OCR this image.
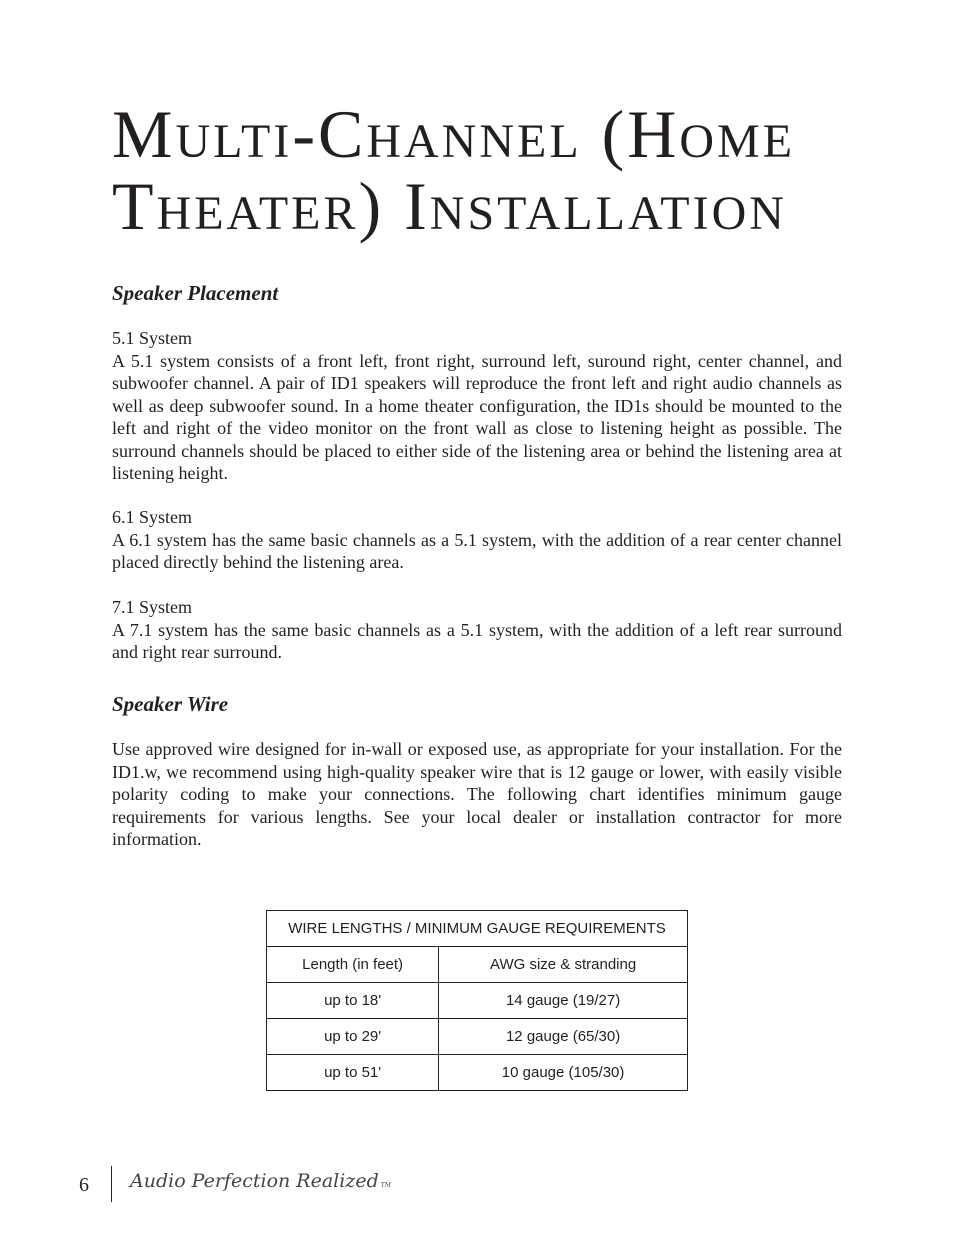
Multi-Channel (Home
Theater) Installation
Speaker Placement

5.1 System
A 5.1 system consists of a front left, front right, surround left, suround right, center channel, and subwoofer channel. A pair of ID1 speakers will reproduce the front left and right audio channels as well as deep subwoofer sound. In a home theater configuration, the ID1s should be mounted to the left and right of the video monitor on the front wall as close to listening height as possible. The surround channels should be placed to either side of the listening area or behind the listening area at listening height.

6.1 System
A 6.1 system has the same basic channels as a 5.1 system, with the addition of a rear center channel placed directly behind the listening area.

7.1 System
A 7.1 system has the same basic channels as a 5.1 system, with the addition of a left rear surround and right rear surround.

Speaker Wire

Use approved wire designed for in-wall or exposed use, as appropriate for your installation. For the ID1.w, we recommend using high-quality speaker wire that is 12 gauge or lower, with easily visible polarity coding to make your connections. The following chart identifies minimum gauge requirements for various lengths. See your local dealer or installation contractor for more information.

WIRE LENGTHS / MINIMUM GAUGE REQUIREMENTS	
Length (in feet)	AWG size & stranding
up to 18'	14 gauge (19/27)
up to 29'	12 gauge (65/30)
up to 51'	10 gauge (105/30)
6 Audio Perfection Realized TM
